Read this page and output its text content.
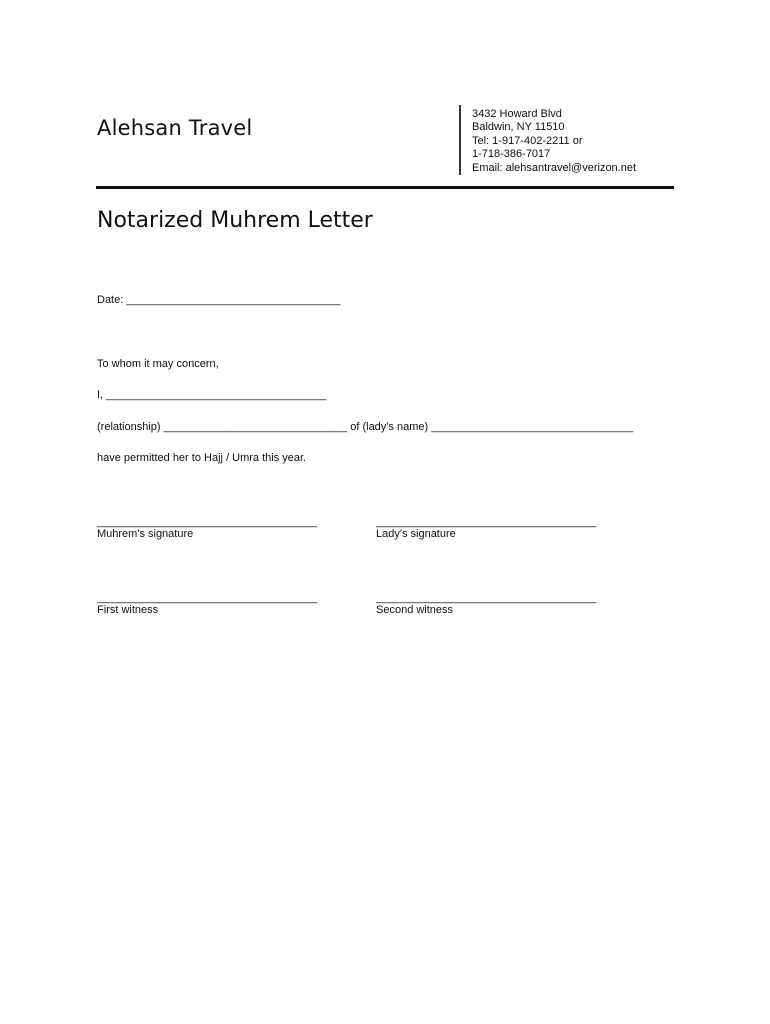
Alehsan Travel
3432 Howard Blvd
Baldwin, NY 11510
Tel: 1-917-402-2211 or
1-718-386-7017
Email: alehsantravel@verizon.net
Notarized Muhrem Letter
Date: ___________________________________
To whom it may concern,
I, ____________________________________
(relationship) ______________________________ of (lady's name) _________________________________
have permitted her to Hajj / Umra this year.
____________________________________
Muhrem's signature
____________________________________
Lady's signature
____________________________________
First witness
____________________________________
Second witness
